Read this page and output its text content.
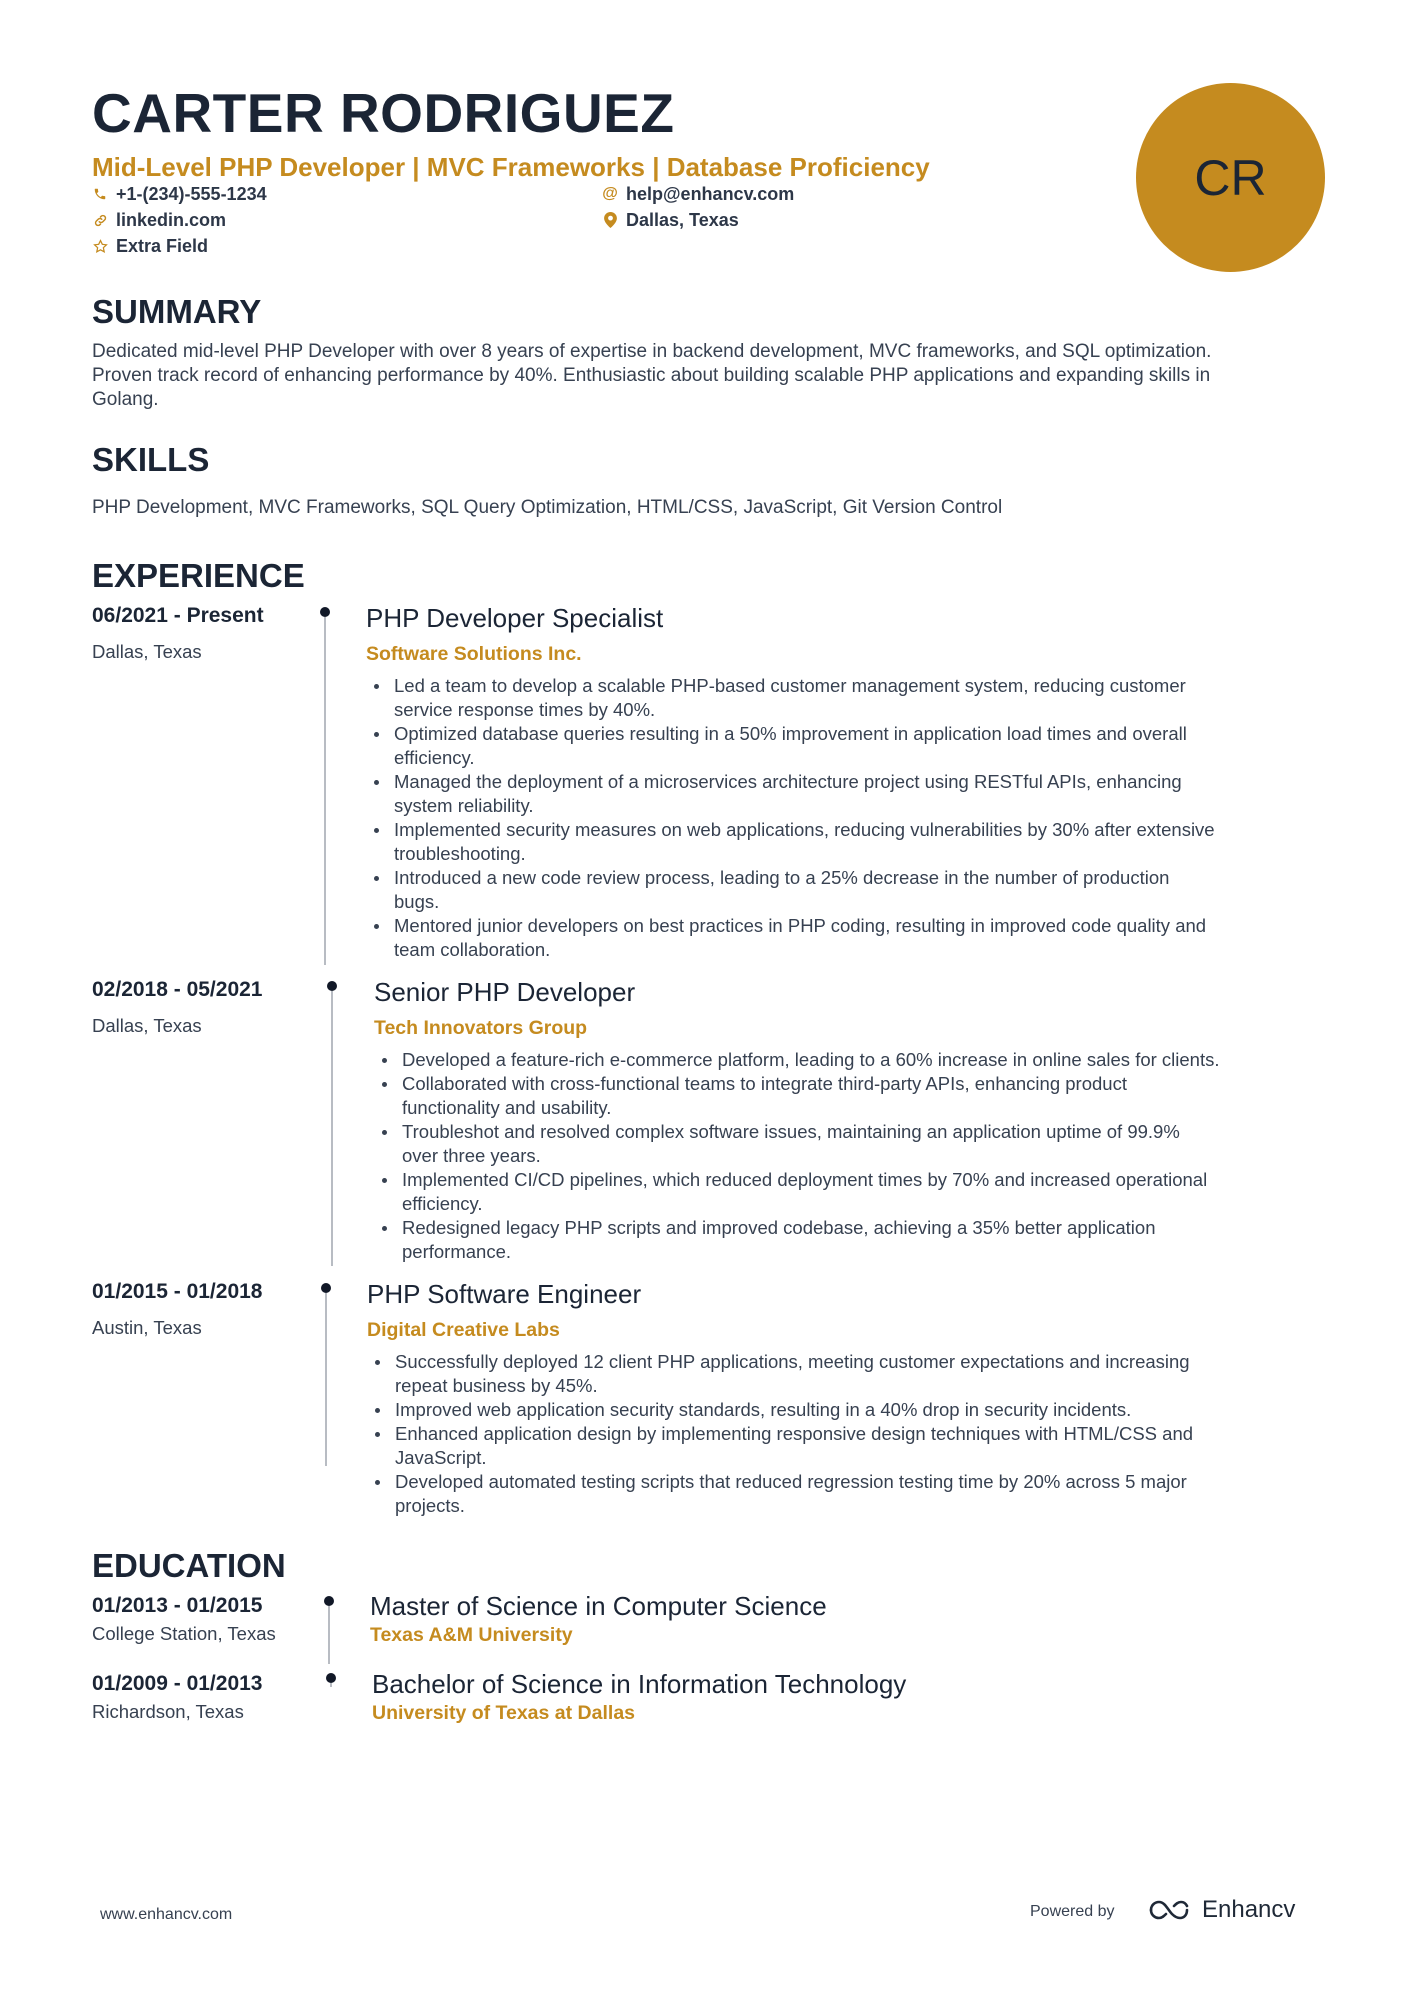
CARTER RODRIGUEZ
Mid-Level PHP Developer | MVC Frameworks | Database Proficiency
+1-(234)-555-1234	@ help@enhancv.com
linkedin.com	Dallas, Texas
Extra Field
CR
SUMMARY
Dedicated mid-level PHP Developer with over 8 years of expertise in backend development, MVC frameworks, and SQL optimization.
Proven track record of enhancing performance by 40%. Enthusiastic about building scalable PHP applications and expanding skills in
Golang.
SKILLS
PHP Development, MVC Frameworks, SQL Query Optimization, HTML/CSS, JavaScript, Git Version Control
EXPERIENCE
06/2021 - Present
Dallas, Texas
PHP Developer Specialist
Software Solutions Inc.
Led a team to develop a scalable PHP-based customer management system, reducing customer
service response times by 40%.
Optimized database queries resulting in a 50% improvement in application load times and overall
efficiency.
Managed the deployment of a microservices architecture project using RESTful APIs, enhancing
system reliability.
Implemented security measures on web applications, reducing vulnerabilities by 30% after extensive
troubleshooting.
Introduced a new code review process, leading to a 25% decrease in the number of production
bugs.
Mentored junior developers on best practices in PHP coding, resulting in improved code quality and
team collaboration.
02/2018 - 05/2021
Dallas, Texas
Senior PHP Developer
Tech Innovators Group
Developed a feature-rich e-commerce platform, leading to a 60% increase in online sales for clients.
Collaborated with cross-functional teams to integrate third-party APIs, enhancing product
functionality and usability.
Troubleshot and resolved complex software issues, maintaining an application uptime of 99.9%
over three years.
Implemented CI/CD pipelines, which reduced deployment times by 70% and increased operational
efficiency.
Redesigned legacy PHP scripts and improved codebase, achieving a 35% better application
performance.
01/2015 - 01/2018
Austin, Texas
PHP Software Engineer
Digital Creative Labs
Successfully deployed 12 client PHP applications, meeting customer expectations and increasing
repeat business by 45%.
Improved web application security standards, resulting in a 40% drop in security incidents.
Enhanced application design by implementing responsive design techniques with HTML/CSS and
JavaScript.
Developed automated testing scripts that reduced regression testing time by 20% across 5 major
projects.
EDUCATION
01/2013 - 01/2015
College Station, Texas
Master of Science in Computer Science
Texas A&M University
01/2009 - 01/2013
Richardson, Texas
Bachelor of Science in Information Technology
University of Texas at Dallas
www.enhancv.com	Powered by	Enhancv
